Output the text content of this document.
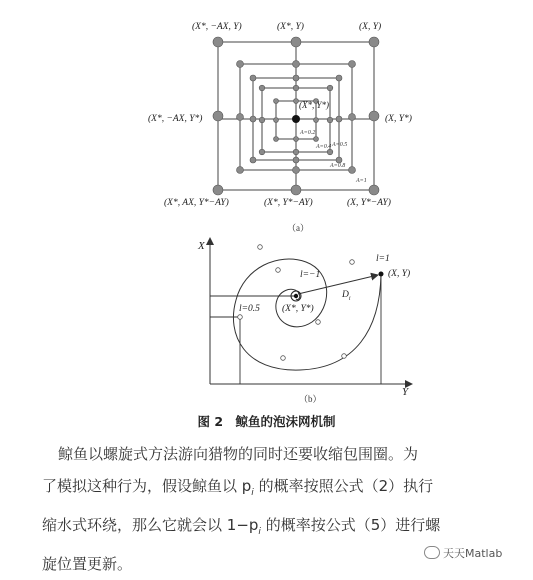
(X*, −AX, Y)	(X*, Y)	(X, Y)
(X*, −AX, Y*)	(X, Y*)
(X*, AX, Y*−AY)	(X*, Y*−AY)	(X, Y*−AY)
(X*, Y*)
A=0.2
A=0.4 A=0.5
A=0.8
A=1
（a）
X
Y
l=1
(X, Y)
l=−1
l=0.5 (X*, Y*)
$D_i$
（b）
图 2　鲸鱼的泡沫网机制

鲸鱼以螺旋式方法游向猎物的同时还要收缩包围圈。为

了模拟这种行为，假设鲸鱼以 $p_i$ 的概率按照公式（2）执行

缩水式环绕，那么它就会以 $1-p_i$ 的概率按公式（5）进行螺

旋位置更新。

天天Matlab
